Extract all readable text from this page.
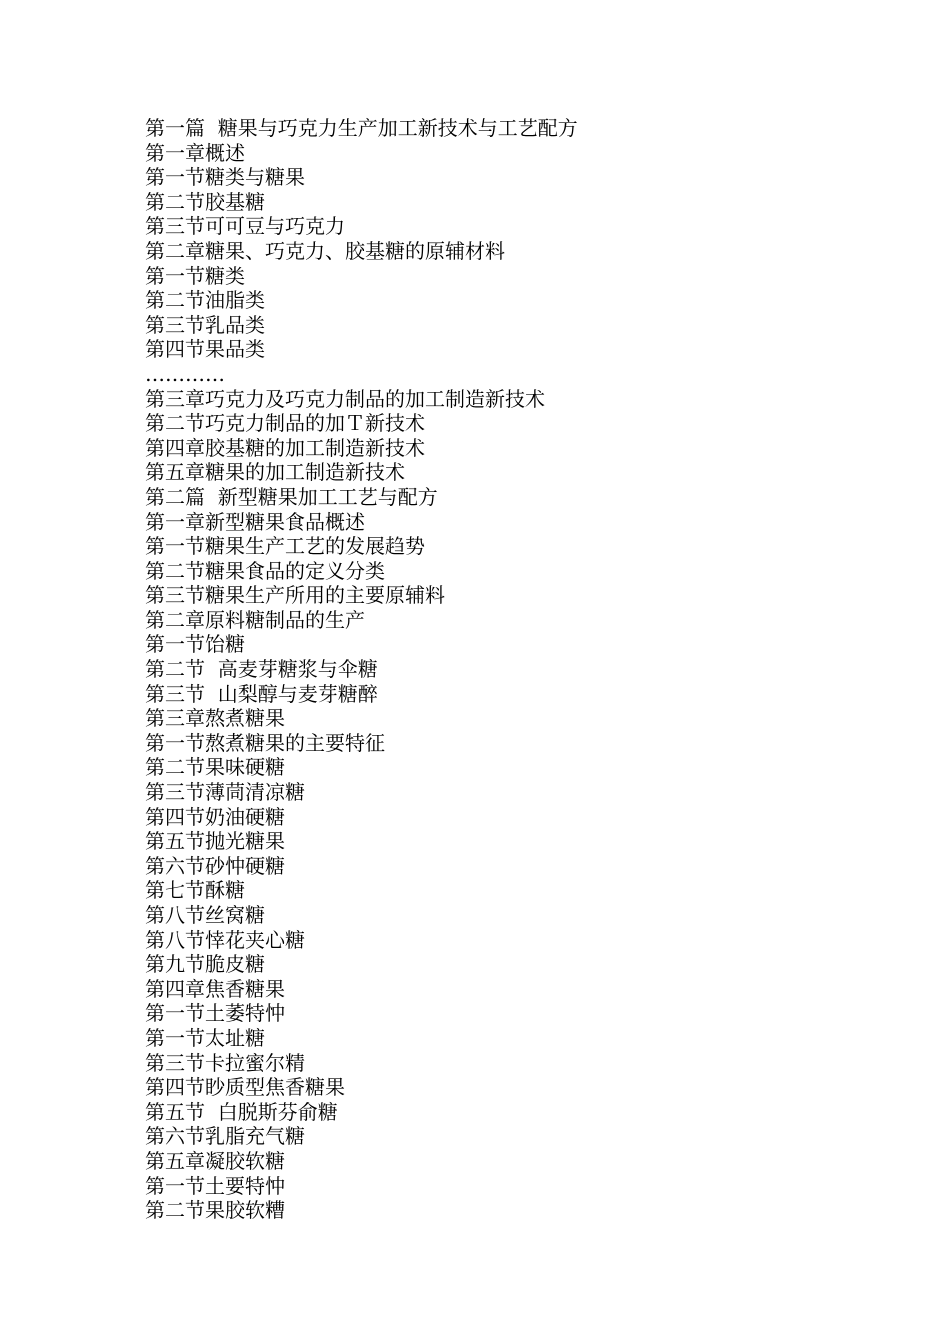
第一篇  糖果与巧克力生产加工新技术与工艺配方
第一章概述
第一节糖类与糖果
第二节胶基糖
第三节可可豆与巧克力
第二章糖果、巧克力、胶基糖的原辅材料
第一节糖类
第二节油脂类
第三节乳品类
第四节果品类
…………
第三章巧克力及巧克力制品的加工制造新技术
第二节巧克力制品的加Ｔ新技术
第四章胶基糖的加工制造新技术
第五章糖果的加工制造新技术
第二篇  新型糖果加工工艺与配方
第一章新型糖果食品概述
第一节糖果生产工艺的发展趋势
第二节糖果食品的定义分类
第三节糖果生产所用的主要原辅料
第二章原料糖制品的生产
第一节饴糖
第二节  高麦芽糖浆与伞糖
第三节  山梨醇与麦芽糖醉
第三章熬煮糖果
第一节熬煮糖果的主要特征
第二节果味硬糖
第三节薄茼清凉糖
第四节奶油硬糖
第五节抛光糖果
第六节砂忡硬糖
第七节酥糖
第八节丝窝糖
第八节悻花夹心糖
第九节脆皮糖
第四章焦香糖果
第一节土萎特忡
第一节太址糖
第三节卡拉蜜尔精
第四节眇质型焦香糖果
第五节  白脱斯芬俞糖
第六节乳脂充气糖
第五章凝胶软糖
第一节土要特忡
第二节果胶软糟
